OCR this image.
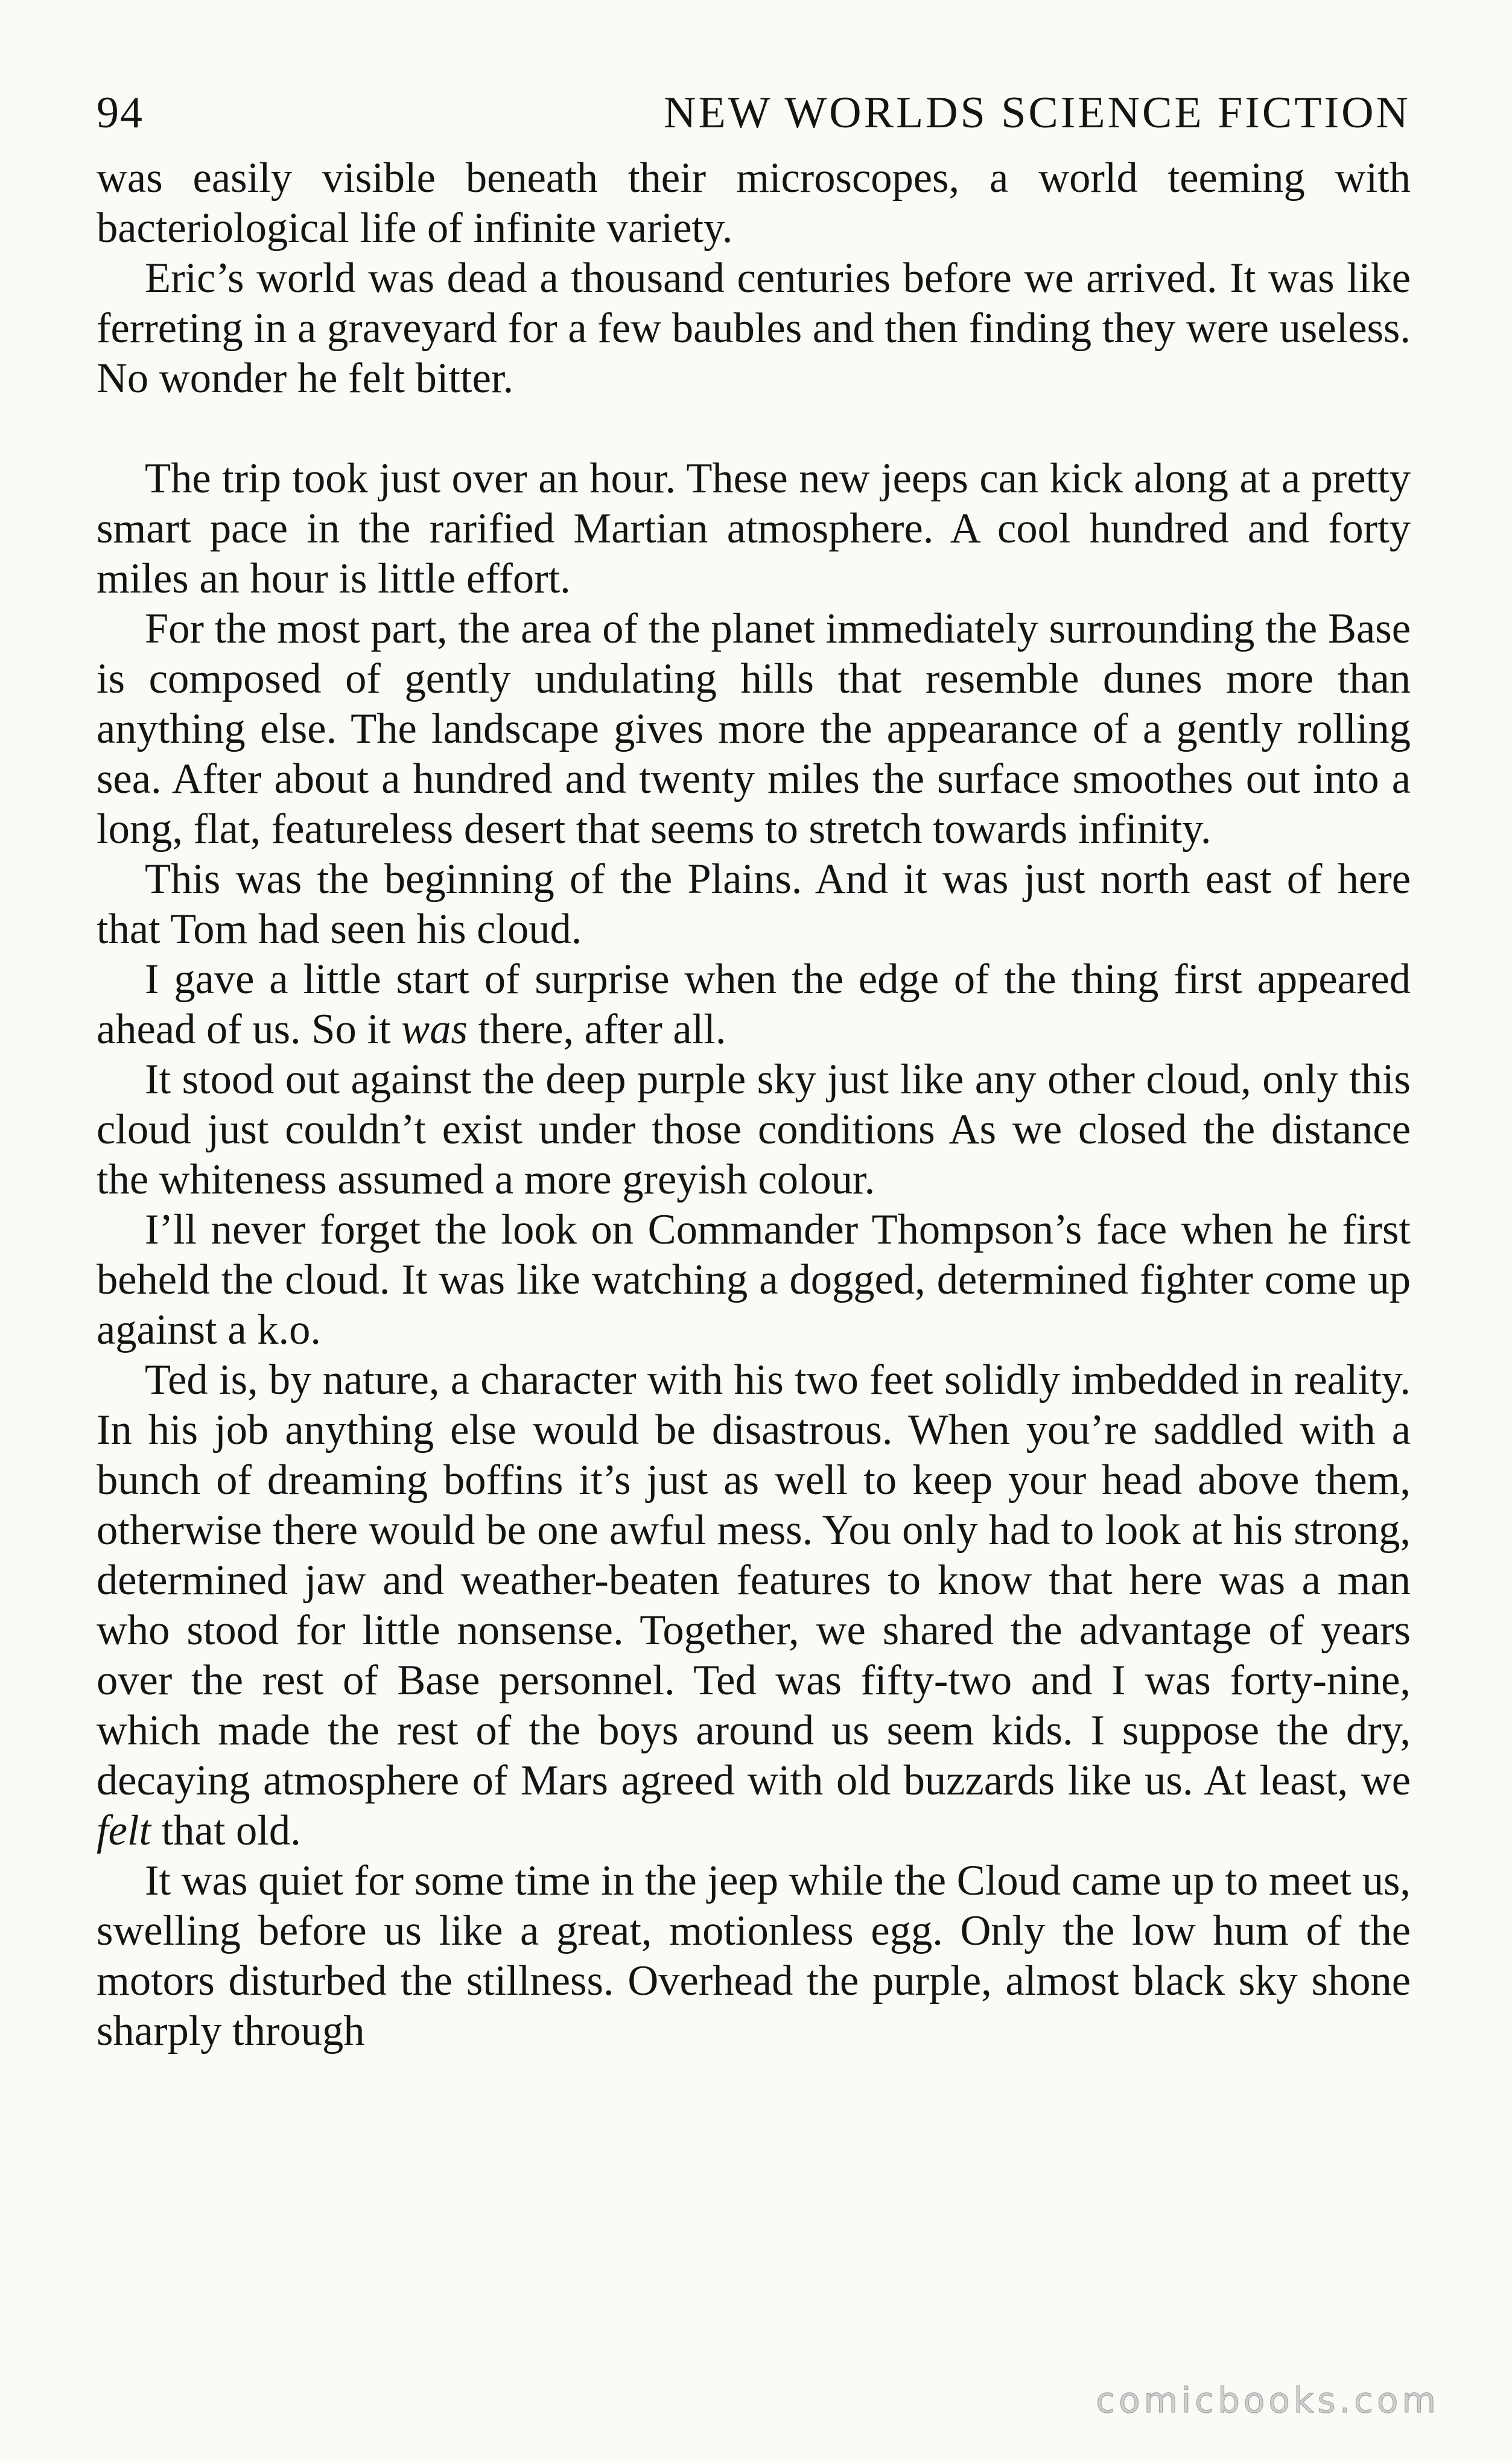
94	NEW WORLDS SCIENCE FICTION

was easily visible beneath their microscopes, a world teeming with bacteriological life of infinite variety.

Eric’s world was dead a thousand centuries before we arrived. It was like ferreting in a graveyard for a few baubles and then finding they were useless. No wonder he felt bitter.

The trip took just over an hour. These new jeeps can kick along at a pretty smart pace in the rarified Martian atmosphere. A cool hundred and forty miles an hour is little effort.

For the most part, the area of the planet immediately surrounding the Base is composed of gently undulating hills that resemble dunes more than anything else. The landscape gives more the appearance of a gently rolling sea. After about a hundred and twenty miles the surface smoothes out into a long, flat, featureless desert that seems to stretch towards infinity.

This was the beginning of the Plains. And it was just north east of here that Tom had seen his cloud.

I gave a little start of surprise when the edge of the thing first appeared ahead of us. So it was there, after all.

It stood out against the deep purple sky just like any other cloud, only this cloud just couldn’t exist under those conditions As we closed the distance the whiteness assumed a more greyish colour.

I’ll never forget the look on Commander Thompson’s face when he first beheld the cloud. It was like watching a dogged, determined fighter come up against a k.o.

Ted is, by nature, a character with his two feet solidly imbedded in reality. In his job anything else would be disastrous. When you’re saddled with a bunch of dreaming boffins it’s just as well to keep your head above them, otherwise there would be one awful mess. You only had to look at his strong, determined jaw and weather-beaten features to know that here was a man who stood for little nonsense. Together, we shared the advantage of years over the rest of Base personnel. Ted was fifty-two and I was forty-nine, which made the rest of the boys around us seem kids. I suppose the dry, decaying atmosphere of Mars agreed with old buzzards like us. At least, we felt that old.

It was quiet for some time in the jeep while the Cloud came up to meet us, swelling before us like a great, motionless egg. Only the low hum of the motors disturbed the stillness. Overhead the purple, almost black sky shone sharply through

comicbooks.com
